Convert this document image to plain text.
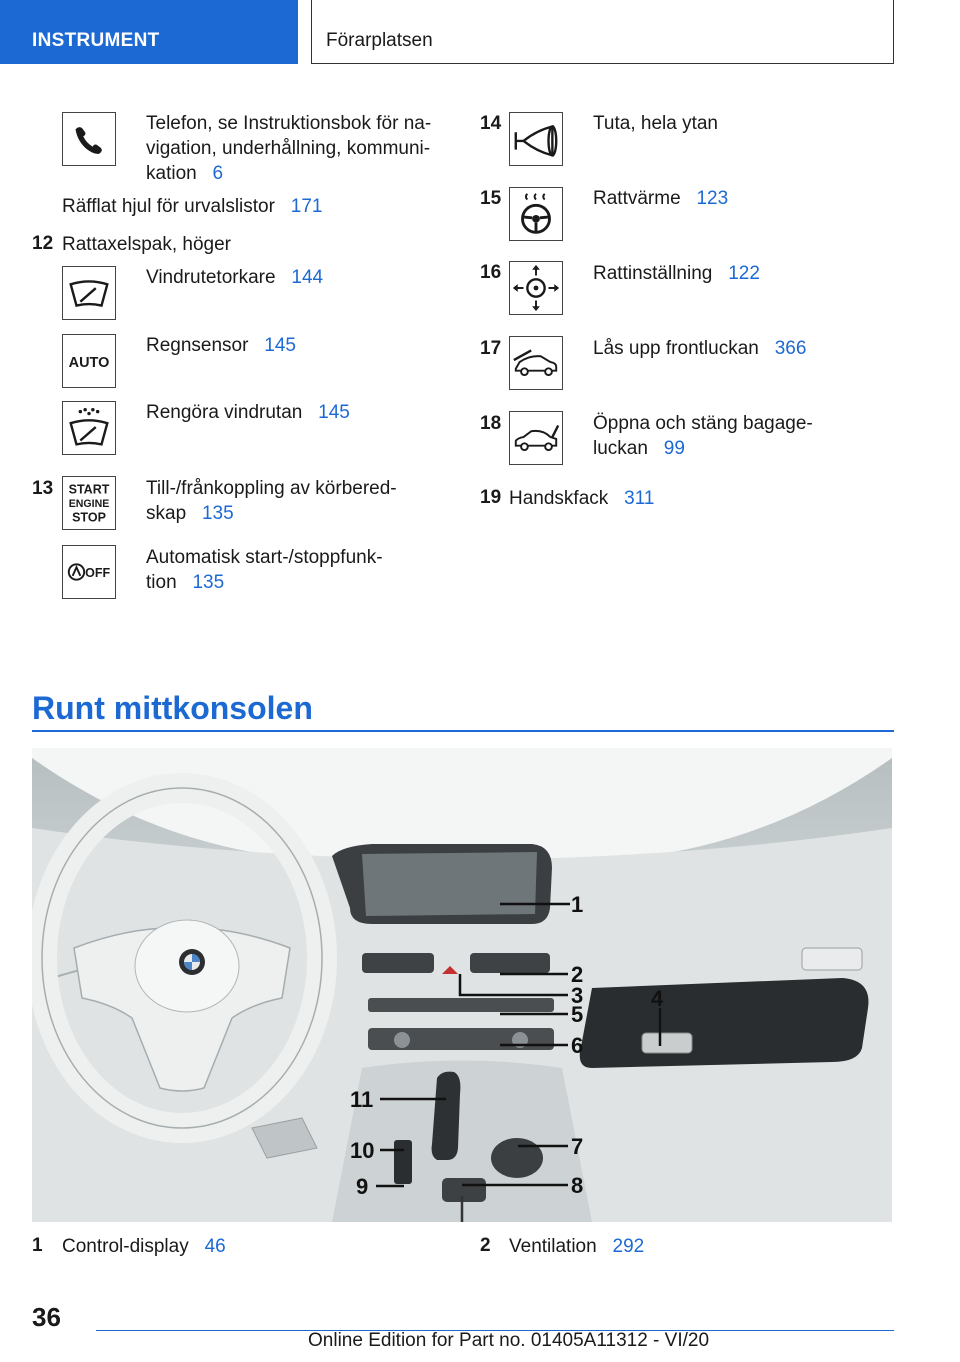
INSTRUMENT	Förarplatsen
Telefon, se Instruktionsbok för na-
vigation, underhållning, kommuni-
kation 6
Räfflat hjul för urvalslistor 171
12 Rattaxelspak, höger
Vindrutetorkare 144
AUTO
Regnsensor 145
Rengöra vindrutan 145
13 START
ENGINE
STOP
Till-/frånkoppling av körbered-
skap 135
OFF
Automatisk start-/stoppfunk-
tion 135
14	Tuta, hela ytan
15	Rattvärme 123
16	Rattinställning 122
17	Lås upp frontluckan 366
18	Öppna och stäng bagage-
luckan 99
19 Handskfack 311
Runt mittkonsolen
1
2
3	4
5
6
7
8
9
10
11
1 Control-display 46	2 Ventilation 292
36
Online Edition for Part no. 01405A11312 - VI/20
